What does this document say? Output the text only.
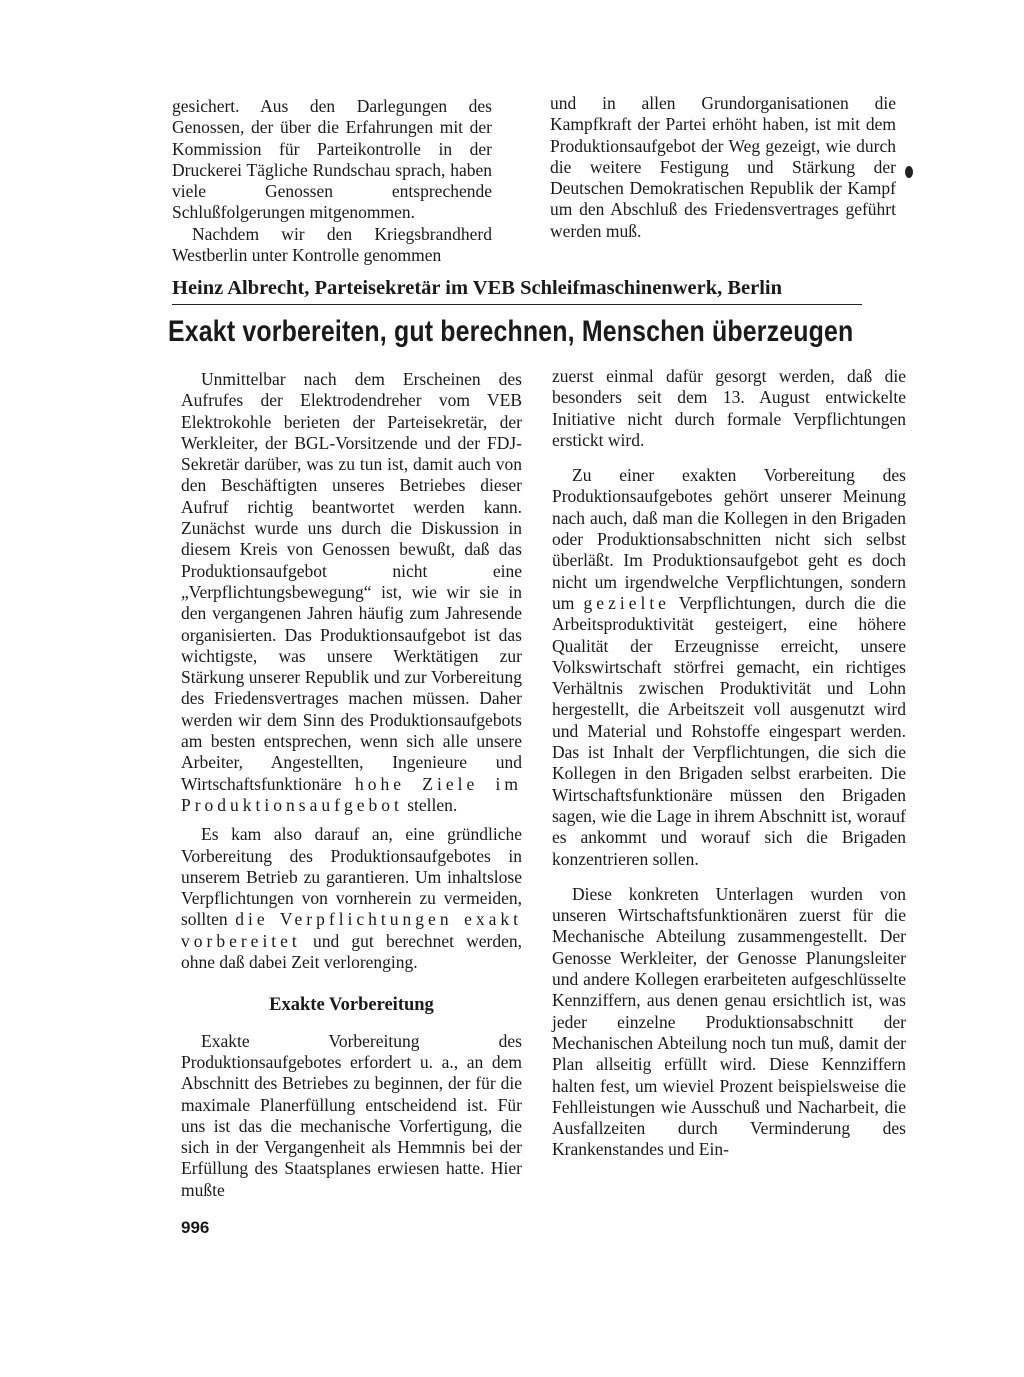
gesichert. Aus den Darlegungen des Genossen, der über die Erfahrungen mit der Kommission für Parteikontrolle in der Druckerei Tägliche Rundschau sprach, haben viele Genossen entsprechende Schlußfolgerungen mitgenommen.

Nachdem wir den Kriegsbrandherd Westberlin unter Kontrolle genommen

und in allen Grundorganisationen die Kampfkraft der Partei erhöht haben, ist mit dem Produktionsaufgebot der Weg gezeigt, wie durch die weitere Festigung und Stärkung der Deutschen Demokratischen Republik der Kampf um den Abschluß des Friedensvertrages geführt werden muß.

Heinz Albrecht, Parteisekretär im VEB Schleifmaschinenwerk, Berlin
Exakt vorbereiten, gut berechnen, Menschen überzeugen

Unmittelbar nach dem Erscheinen des Aufrufes der Elektrodendreher vom VEB Elektrokohle berieten der Parteisekretär, der Werkleiter, der BGL-Vorsitzende und der FDJ-Sekretär darüber, was zu tun ist, damit auch von den Beschäftigten unseres Betriebes dieser Aufruf richtig beantwortet werden kann. Zunächst wurde uns durch die Diskussion in diesem Kreis von Genossen bewußt, daß das Produktionsaufgebot nicht eine „Verpflichtungsbewegung“ ist, wie wir sie in den vergangenen Jahren häufig zum Jahresende organisierten. Das Produktionsaufgebot ist das wichtigste, was unsere Werktätigen zur Stärkung unserer Republik und zur Vorbereitung des Friedensvertrages machen müssen. Daher werden wir dem Sinn des Produktionsaufgebots am besten entsprechen, wenn sich alle unsere Arbeiter, Angestellten, Ingenieure und Wirtschaftsfunktionäre hohe Ziele im Produktionsaufgebot stellen.

Es kam also darauf an, eine gründliche Vorbereitung des Produktionsaufgebotes in unserem Betrieb zu garantieren. Um inhaltslose Verpflichtungen von vornherein zu vermeiden, sollten die Verpflichtungen exakt vorbereitet und gut berechnet werden, ohne daß dabei Zeit verlorenging.

Exakte Vorbereitung

Exakte Vorbereitung des Produktionsaufgebotes erfordert u. a., an dem Abschnitt des Betriebes zu beginnen, der für die maximale Planerfüllung entscheidend ist. Für uns ist das die mechanische Vorfertigung, die sich in der Vergangenheit als Hemmnis bei der Erfüllung des Staatsplanes erwiesen hatte. Hier mußte

zuerst einmal dafür gesorgt werden, daß die besonders seit dem 13. August entwickelte Initiative nicht durch formale Verpflichtungen erstickt wird.

Zu einer exakten Vorbereitung des Produktionsaufgebotes gehört unserer Meinung nach auch, daß man die Kollegen in den Brigaden oder Produktionsabschnitten nicht sich selbst überläßt. Im Produktionsaufgebot geht es doch nicht um irgendwelche Verpflichtungen, sondern um gezielte Verpflichtungen, durch die die Arbeitsproduktivität gesteigert, eine höhere Qualität der Erzeugnisse erreicht, unsere Volkswirtschaft störfrei gemacht, ein richtiges Verhältnis zwischen Produktivität und Lohn hergestellt, die Arbeitszeit voll ausgenutzt wird und Material und Rohstoffe eingespart werden. Das ist Inhalt der Verpflichtungen, die sich die Kollegen in den Brigaden selbst erarbeiten. Die Wirtschaftsfunktionäre müssen den Brigaden sagen, wie die Lage in ihrem Abschnitt ist, worauf es ankommt und worauf sich die Brigaden konzentrieren sollen.

Diese konkreten Unterlagen wurden von unseren Wirtschaftsfunktionären zuerst für die Mechanische Abteilung zusammengestellt. Der Genosse Werkleiter, der Genosse Planungsleiter und andere Kollegen erarbeiteten aufgeschlüsselte Kennziffern, aus denen genau ersichtlich ist, was jeder einzelne Produktionsabschnitt der Mechanischen Abteilung noch tun muß, damit der Plan allseitig erfüllt wird. Diese Kennziffern halten fest, um wieviel Prozent beispielsweise die Fehlleistungen wie Ausschuß und Nacharbeit, die Ausfallzeiten durch Verminderung des Krankenstandes und Ein-

996
